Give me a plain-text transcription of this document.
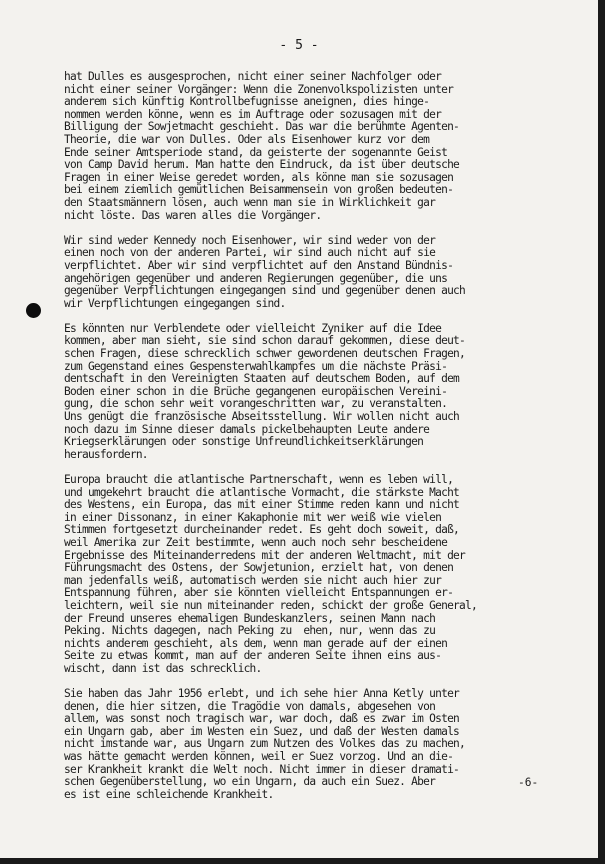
- 5 -
hat Dulles es ausgesprochen, nicht einer seiner Nachfolger oder
nicht einer seiner Vorgänger: Wenn die Zonenvolkspolizisten unter
anderem sich künftig Kontrollbefugnisse aneignen, dies hinge-
nommen werden könne, wenn es im Auftrage oder sozusagen mit der
Billigung der Sowjetmacht geschieht. Das war die berühmte Agenten-
Theorie, die war von Dulles. Oder als Eisenhower kurz vor dem
Ende seiner Amtsperiode stand, da geisterte der sogenannte Geist
von Camp David herum. Man hatte den Eindruck, da ist über deutsche
Fragen in einer Weise geredet worden, als könne man sie sozusagen
bei einem ziemlich gemütlichen Beisammensein von großen bedeuten-
den Staatsmännern lösen, auch wenn man sie in Wirklichkeit gar
nicht löste. Das waren alles die Vorgänger.
Wir sind weder Kennedy noch Eisenhower, wir sind weder von der
einen noch von der anderen Partei, wir sind auch nicht auf sie
verpflichtet. Aber wir sind verpflichtet auf den Anstand Bündnis-
angehörigen gegenüber und anderen Regierungen gegenüber, die uns
gegenüber Verpflichtungen eingegangen sind und gegenüber denen auch
wir Verpflichtungen eingegangen sind.
Es könnten nur Verblendete oder vielleicht Zyniker auf die Idee
kommen, aber man sieht, sie sind schon darauf gekommen, diese deut-
schen Fragen, diese schrecklich schwer gewordenen deutschen Fragen,
zum Gegenstand eines Gespensterwahlkampfes um die nächste Präsi-
dentschaft in den Vereinigten Staaten auf deutschem Boden, auf dem
Boden einer schon in die Brüche gegangenen europäischen Vereini-
gung, die schon sehr weit vorangeschritten war, zu veranstalten.
Uns genügt die französische Abseitsstellung. Wir wollen nicht auch
noch dazu im Sinne dieser damals pickelbehaupten Leute andere
Kriegserklärungen oder sonstige Unfreundlichkeitserklärungen
herausfordern.
Europa braucht die atlantische Partnerschaft, wenn es leben will,
und umgekehrt braucht die atlantische Vormacht, die stärkste Macht
des Westens, ein Europa, das mit einer Stimme reden kann und nicht
in einer Dissonanz, in einer Kakaphonie mit wer weiß wie vielen
Stimmen fortgesetzt durcheinander redet. Es geht doch soweit, daß,
weil Amerika zur Zeit bestimmte, wenn auch noch sehr bescheidene
Ergebnisse des Miteinanderredens mit der anderen Weltmacht, mit der
Führungsmacht des Ostens, der Sowjetunion, erzielt hat, von denen
man jedenfalls weiß, automatisch werden sie nicht auch hier zur
Entspannung führen, aber sie könnten vielleicht Entspannungen er-
leichtern, weil sie nun miteinander reden, schickt der große General,
der Freund unseres ehemaligen Bundeskanzlers, seinen Mann nach
Peking. Nichts dagegen, nach Peking zu  ehen, nur, wenn das zu
nichts anderem geschieht, als dem, wenn man gerade auf der einen
Seite zu etwas kommt, man auf der anderen Seite ihnen eins aus-
wischt, dann ist das schrecklich.
Sie haben das Jahr 1956 erlebt, und ich sehe hier Anna Ketly unter
denen, die hier sitzen, die Tragödie von damals, abgesehen von
allem, was sonst noch tragisch war, war doch, daß es zwar im Osten
ein Ungarn gab, aber im Westen ein Suez, und daß der Westen damals
nicht imstande war, aus Ungarn zum Nutzen des Volkes das zu machen,
was hätte gemacht werden können, weil er Suez vorzog. Und an die-
ser Krankheit krankt die Welt noch. Nicht immer in dieser dramati-
schen Gegenüberstellung, wo ein Ungarn, da auch ein Suez. Aber
es ist eine schleichende Krankheit.
-6-
